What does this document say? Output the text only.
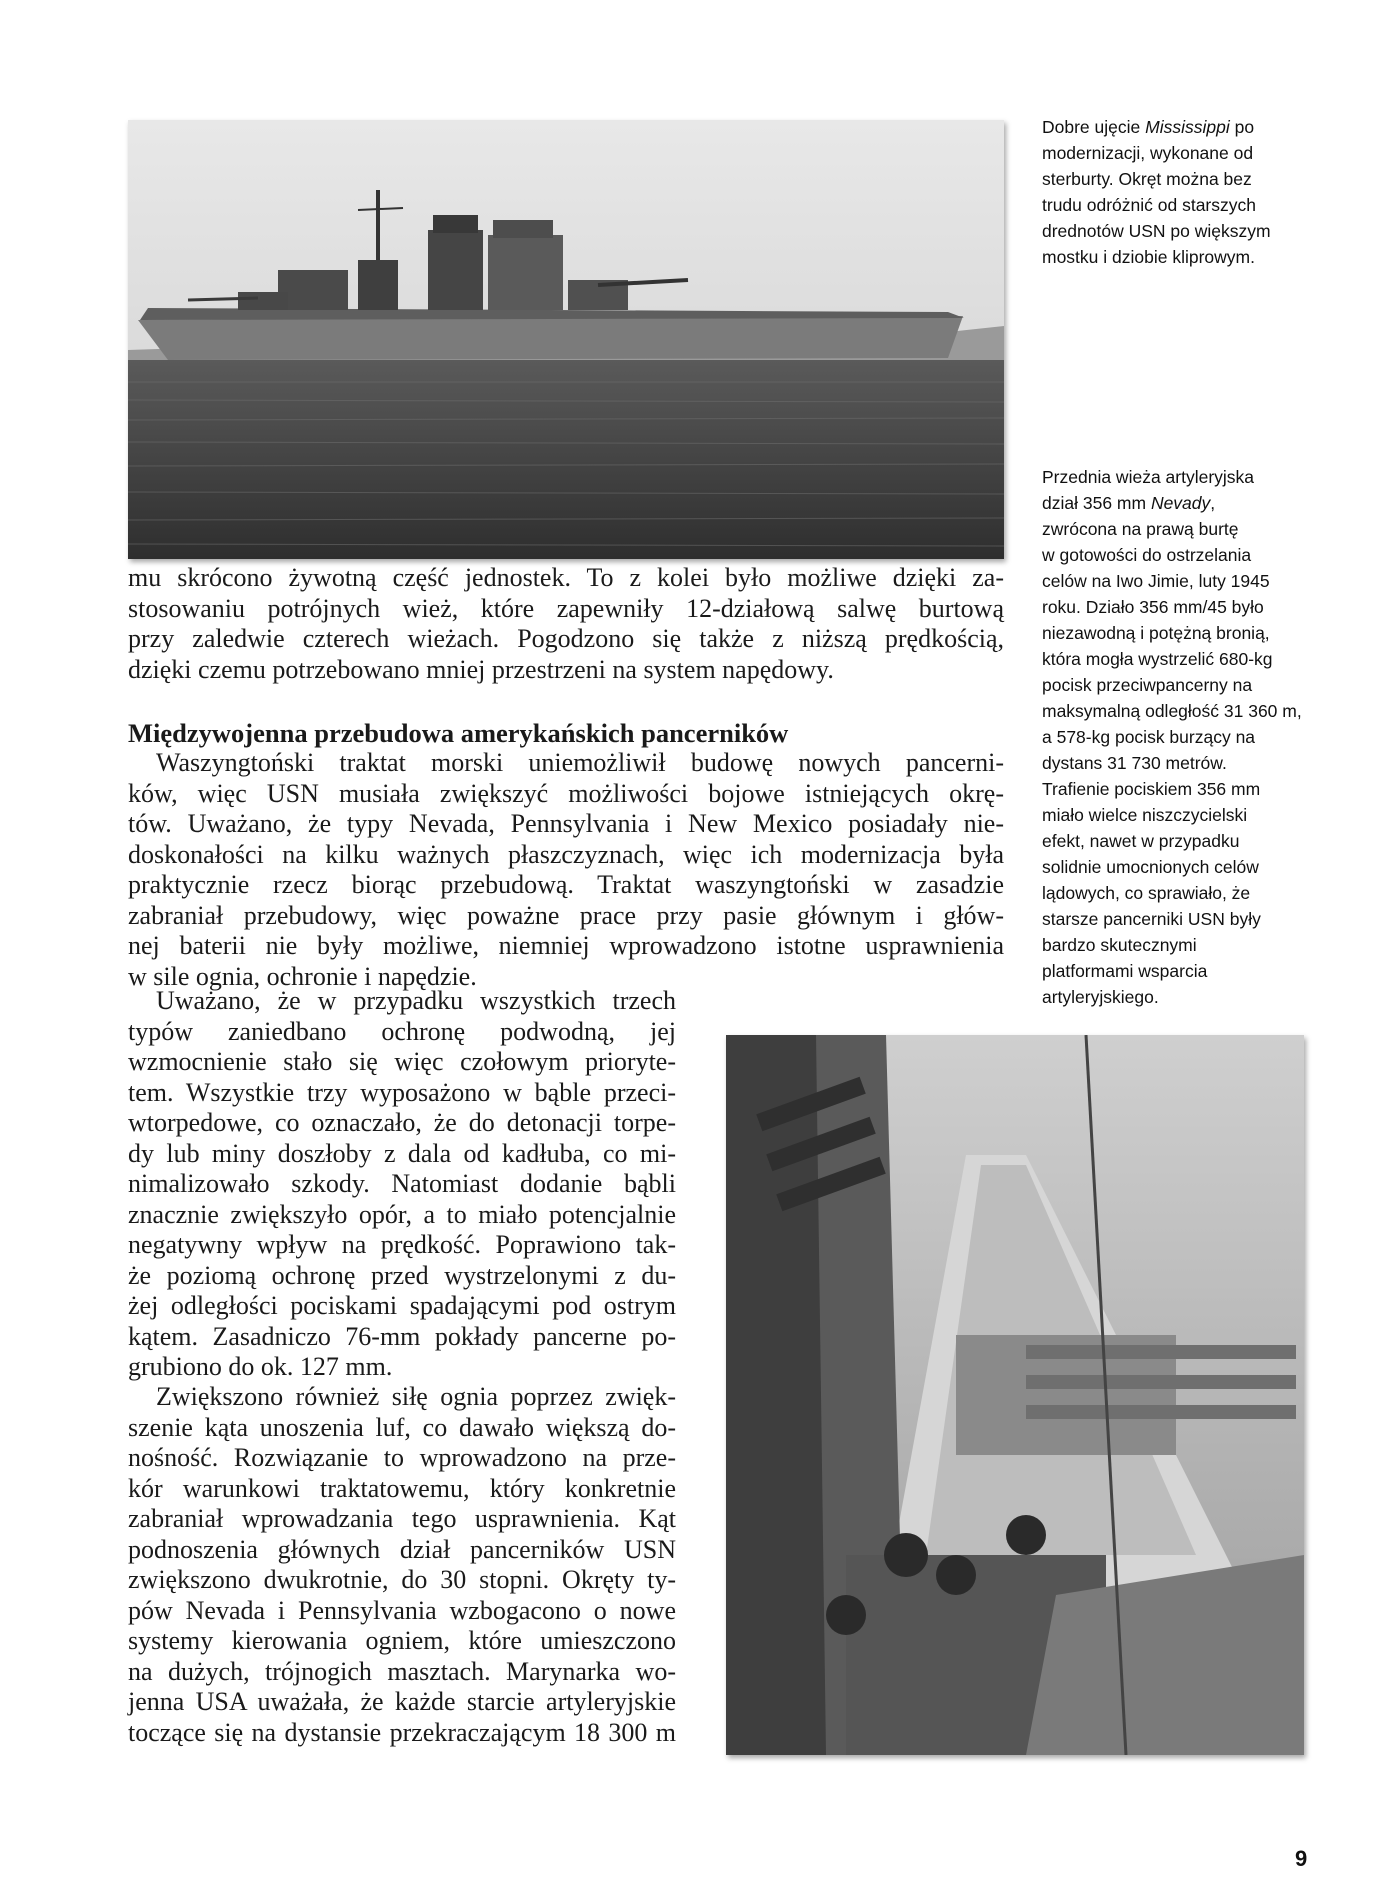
Dobre ujęcie Mississippi po
modernizacji, wykonane od
sterburty. Okręt można bez
trudu odróżnić od starszych
drednotów USN po większym
mostku i dziobie kliprowym.
Przednia wieża artyleryjska
dział 356 mm Nevady,
zwrócona na prawą burtę
w gotowości do ostrzelania
celów na Iwo Jimie, luty 1945
roku. Działo 356 mm/45 było
niezawodną i potężną bronią,
która mogła wystrzelić 680-kg
pocisk przeciwpancerny na
maksymalną odległość 31 360 m,
a 578-kg pocisk burzący na
dystans 31 730 metrów.
Trafienie pociskiem 356 mm
miało wielce niszczycielski
efekt, nawet w przypadku
solidnie umocnionych celów
lądowych, co sprawiało, że
starsze pancerniki USN były
bardzo skutecznymi
platformami wsparcia
artyleryjskiego.
mu skrócono żywotną część jednostek. To z kolei było możliwe dzięki za-
stosowaniu potrójnych wież, które zapewniły 12-działową salwę burtową
przy zaledwie czterech wieżach. Pogodzono się także z niższą prędkością,
dzięki czemu potrzebowano mniej przestrzeni na system napędowy.
Międzywojenna przebudowa amerykańskich pancerników
Waszyngtoński traktat morski uniemożliwił budowę nowych pancerni-
ków, więc USN musiała zwiększyć możliwości bojowe istniejących okrę-
tów. Uważano, że typy Nevada, Pennsylvania i New Mexico posiadały nie-
doskonałości na kilku ważnych płaszczyznach, więc ich modernizacja była
praktycznie rzecz biorąc przebudową. Traktat waszyngtoński w zasadzie
zabraniał przebudowy, więc poważne prace przy pasie głównym i głów-
nej baterii nie były możliwe, niemniej wprowadzono istotne usprawnienia
w sile ognia, ochronie i napędzie.
Uważano, że w przypadku wszystkich trzech
typów zaniedbano ochronę podwodną, jej
wzmocnienie stało się więc czołowym prioryte-
tem. Wszystkie trzy wyposażono w bąble przeci-
wtorpedowe, co oznaczało, że do detonacji torpe-
dy lub miny doszłoby z dala od kadłuba, co mi-
nimalizowało szkody. Natomiast dodanie bąbli
znacznie zwiększyło opór, a to miało potencjalnie
negatywny wpływ na prędkość. Poprawiono tak-
że poziomą ochronę przed wystrzelonymi z du-
żej odległości pociskami spadającymi pod ostrym
kątem. Zasadniczo 76-mm pokłady pancerne po-
grubiono do ok. 127 mm.
Zwiększono również siłę ognia poprzez zwięk-
szenie kąta unoszenia luf, co dawało większą do-
nośność. Rozwiązanie to wprowadzono na prze-
kór warunkowi traktatowemu, który konkretnie
zabraniał wprowadzania tego usprawnienia. Kąt
podnoszenia głównych dział pancerników USN
zwiększono dwukrotnie, do 30 stopni. Okręty ty-
pów Nevada i Pennsylvania wzbogacono o nowe
systemy kierowania ogniem, które umieszczono
na dużych, trójnogich masztach. Marynarka wo-
jenna USA uważała, że każde starcie artyleryjskie
toczące się na dystansie przekraczającym 18 300 m
9
